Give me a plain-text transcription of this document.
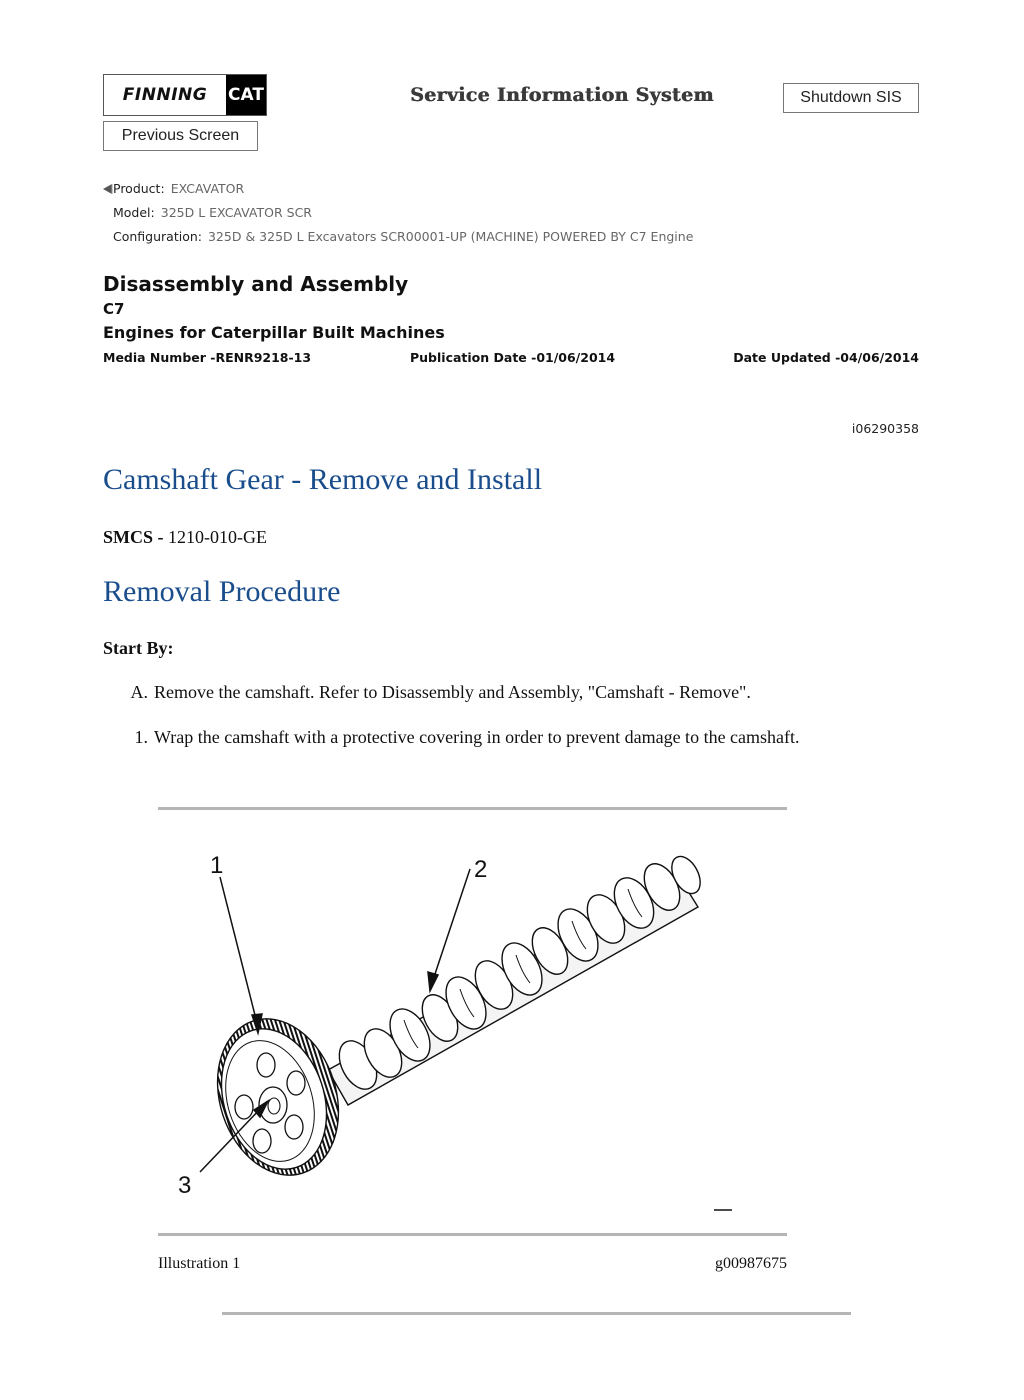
FINNING	CAT	Service Information System	Shutdown SIS
Previous Screen
Product: EXCAVATOR
Model: 325D L EXCAVATOR SCR
Configuration: 325D & 325D L Excavators SCR00001-UP (MACHINE) POWERED BY C7 Engine
Disassembly and Assembly
C7
Engines for Caterpillar Built Machines
Media Number -RENR9218-13	Publication Date -01/06/2014	Date Updated -04/06/2014
i06290358
Camshaft Gear - Remove and Install
SMCS - 1210-010-GE
Removal Procedure
Start By:
A. Remove the camshaft. Refer to Disassembly and Assembly, "Camshaft - Remove".
1. Wrap the camshaft with a protective covering in order to prevent damage to the camshaft.
1	2
3
Illustration 1	g00987675
